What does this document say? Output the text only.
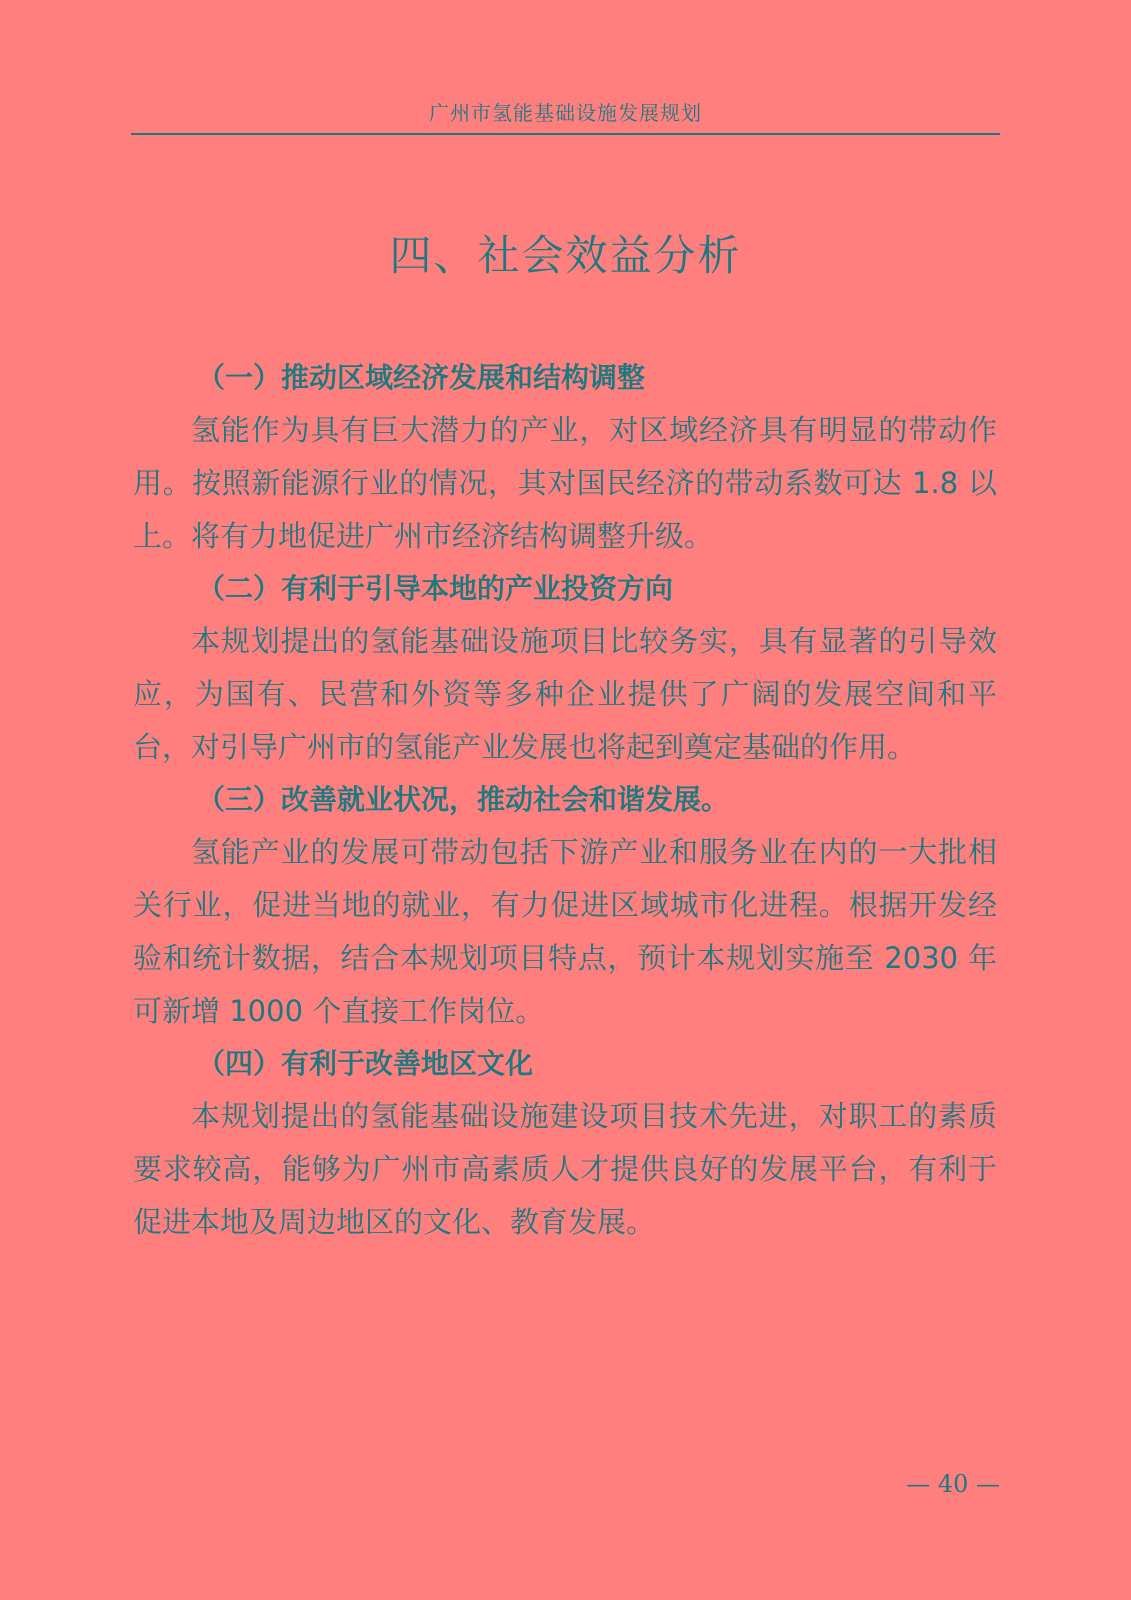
广州市氢能基础设施发展规划
四、社会效益分析
（一）推动区域经济发展和结构调整

氢能作为具有巨大潜力的产业，对区域经济具有明显的带动作用。按照新能源行业的情况，其对国民经济的带动系数可达 1.8 以上。将有力地促进广州市经济结构调整升级。

（二）有利于引导本地的产业投资方向

本规划提出的氢能基础设施项目比较务实，具有显著的引导效应，为国有、民营和外资等多种企业提供了广阔的发展空间和平台，对引导广州市的氢能产业发展也将起到奠定基础的作用。

（三）改善就业状况，推动社会和谐发展。

氢能产业的发展可带动包括下游产业和服务业在内的一大批相关行业，促进当地的就业，有力促进区域城市化进程。根据开发经验和统计数据，结合本规划项目特点，预计本规划实施至 2030 年可新增 1000 个直接工作岗位。

（四）有利于改善地区文化

本规划提出的氢能基础设施建设项目技术先进，对职工的素质要求较高，能够为广州市高素质人才提供良好的发展平台，有利于促进本地及周边地区的文化、教育发展。

— 40 —
